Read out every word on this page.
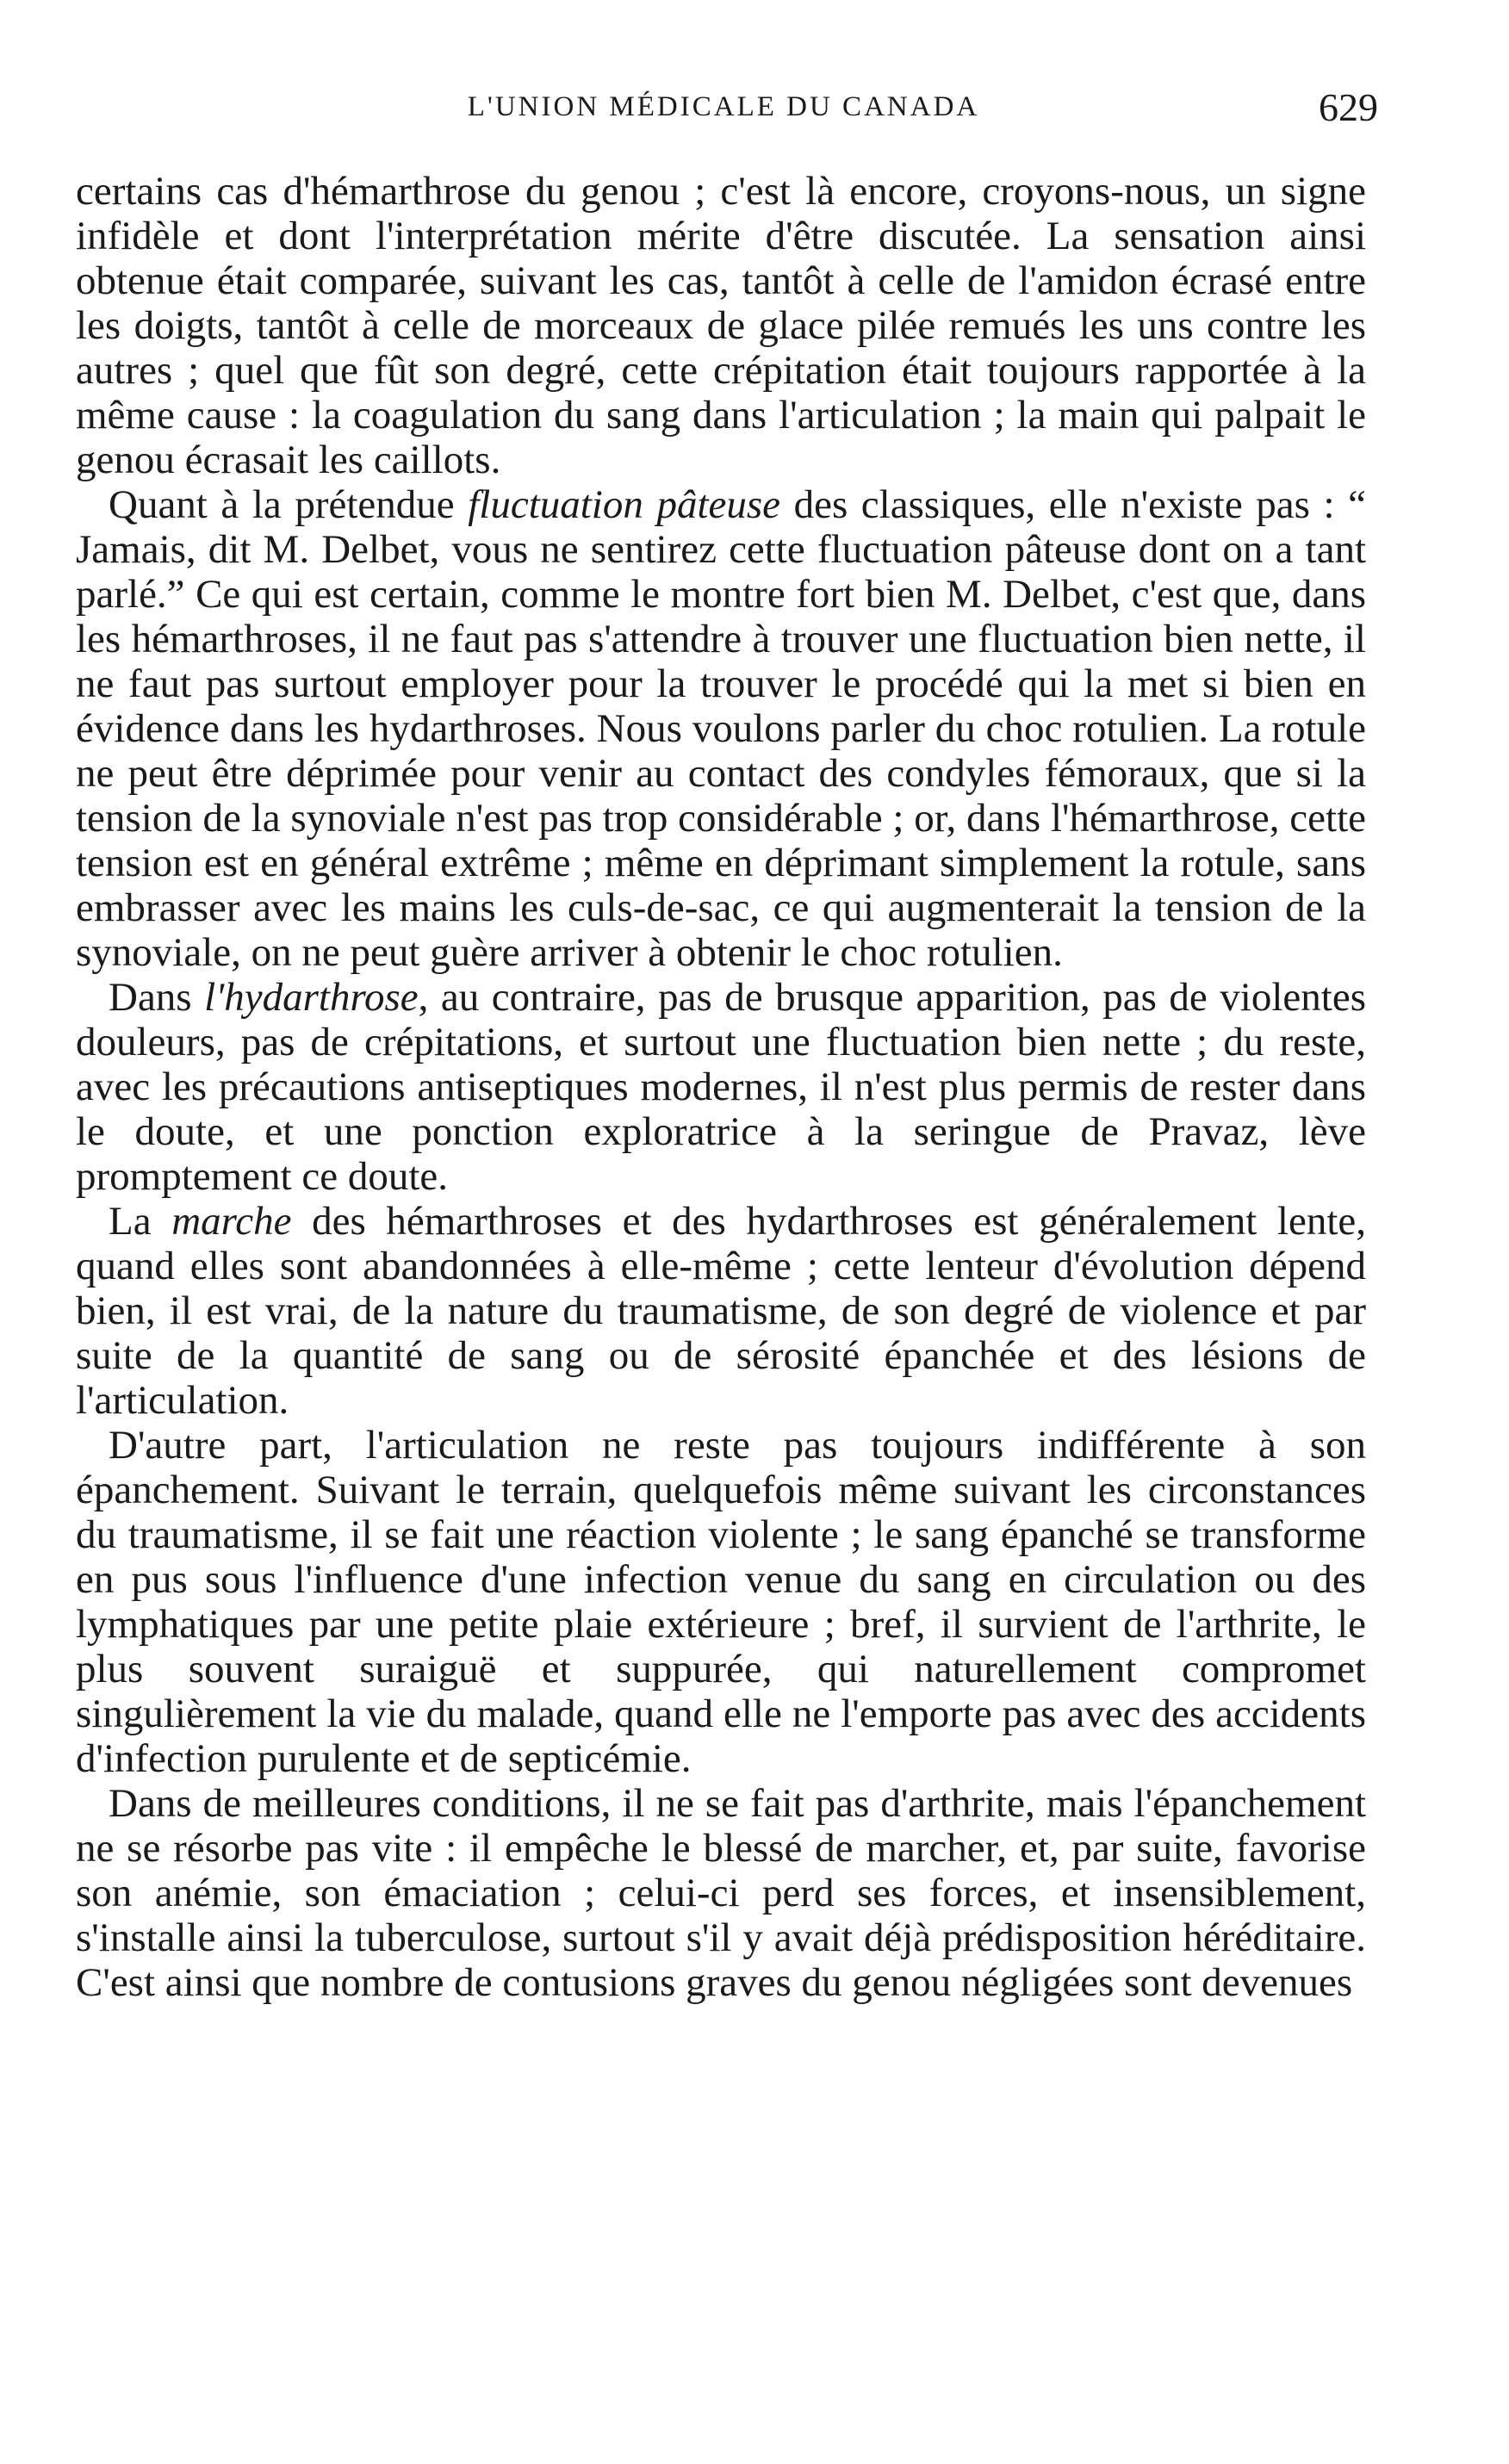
L'UNION MÉDICALE DU CANADA	629

certains cas d'hémarthrose du genou ; c'est là encore, croyons-nous, un signe infidèle et dont l'interprétation mérite d'être discutée. La sensation ainsi obtenue était comparée, suivant les cas, tantôt à celle de l'amidon écrasé entre les doigts, tantôt à celle de morceaux de glace pilée remués les uns contre les autres ; quel que fût son degré, cette crépitation était toujours rapportée à la même cause : la coagulation du sang dans l'articulation ; la main qui palpait le genou écrasait les caillots.

Quant à la prétendue fluctuation pâteuse des classiques, elle n'existe pas : “ Jamais, dit M. Delbet, vous ne sentirez cette fluctuation pâteuse dont on a tant parlé.” Ce qui est certain, comme le montre fort bien M. Delbet, c'est que, dans les hémarthroses, il ne faut pas s'attendre à trouver une fluctuation bien nette, il ne faut pas surtout employer pour la trouver le procédé qui la met si bien en évidence dans les hydarthroses. Nous voulons parler du choc rotulien. La rotule ne peut être déprimée pour venir au contact des condyles fémoraux, que si la tension de la synoviale n'est pas trop considérable ; or, dans l'hémarthrose, cette tension est en général extrême ; même en déprimant simplement la rotule, sans embrasser avec les mains les culs-de-sac, ce qui augmenterait la tension de la synoviale, on ne peut guère arriver à obtenir le choc rotulien.

Dans l'hydarthrose, au contraire, pas de brusque apparition, pas de violentes douleurs, pas de crépitations, et surtout une fluctuation bien nette ; du reste, avec les précautions antiseptiques modernes, il n'est plus permis de rester dans le doute, et une ponction exploratrice à la seringue de Pravaz, lève promptement ce doute.

La marche des hémarthroses et des hydarthroses est généralement lente, quand elles sont abandonnées à elle-même ; cette lenteur d'évolution dépend bien, il est vrai, de la nature du traumatisme, de son degré de violence et par suite de la quantité de sang ou de sérosité épanchée et des lésions de l'articulation.

D'autre part, l'articulation ne reste pas toujours indifférente à son épanchement. Suivant le terrain, quelquefois même suivant les circonstances du traumatisme, il se fait une réaction violente ; le sang épanché se transforme en pus sous l'influence d'une infection venue du sang en circulation ou des lymphatiques par une petite plaie extérieure ; bref, il survient de l'arthrite, le plus souvent suraiguë et suppurée, qui naturellement compromet singulièrement la vie du malade, quand elle ne l'emporte pas avec des accidents d'infection purulente et de septicémie.

Dans de meilleures conditions, il ne se fait pas d'arthrite, mais l'épanchement ne se résorbe pas vite : il empêche le blessé de marcher, et, par suite, favorise son anémie, son émaciation ; celui-ci perd ses forces, et insensiblement, s'installe ainsi la tuberculose, surtout s'il y avait déjà prédisposition héréditaire. C'est ainsi que nombre de contusions graves du genou négligées sont devenues
